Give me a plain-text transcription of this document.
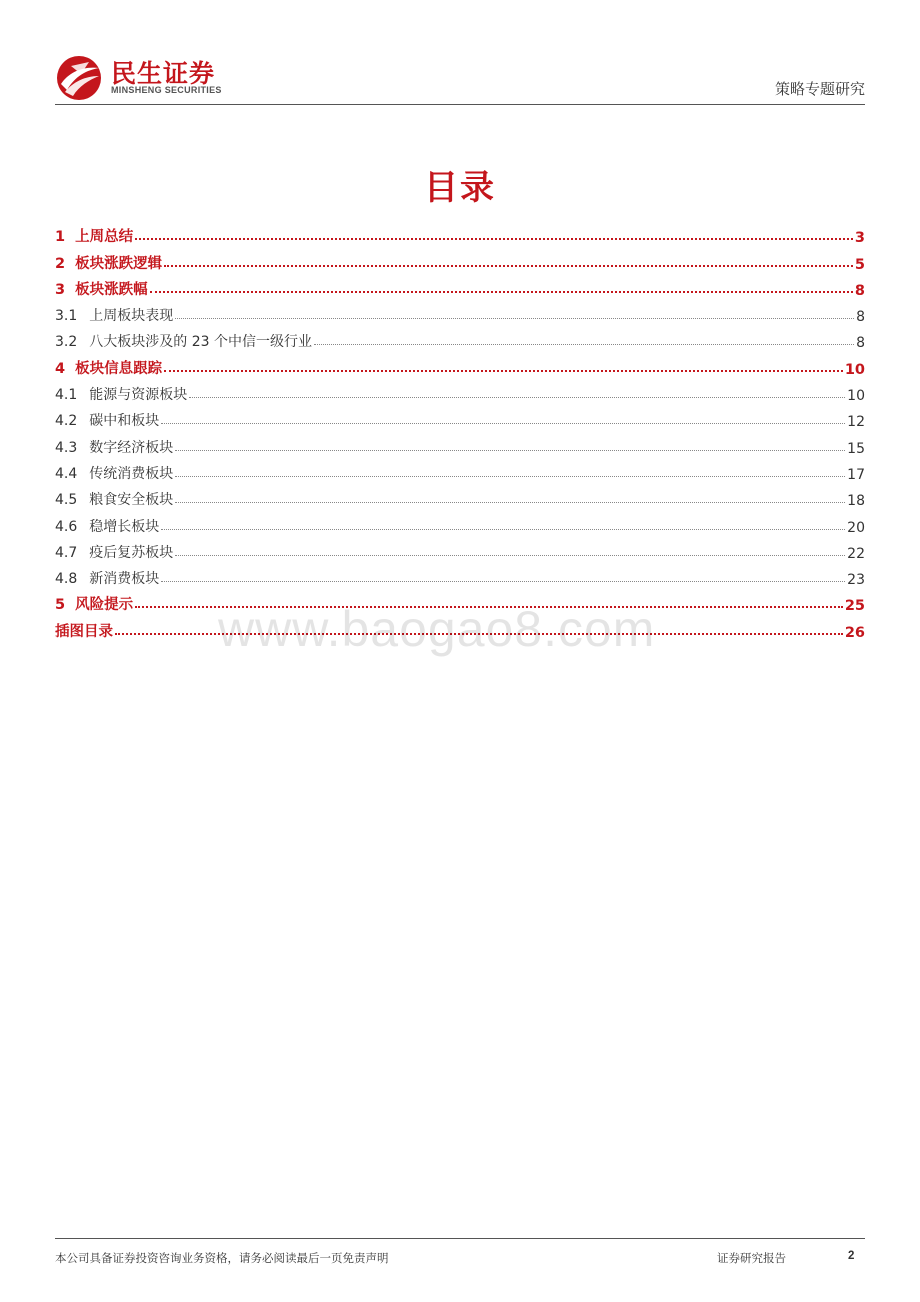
民生证券
MINSHENG SECURITIES	策略专题研究
目录
1 上周总结	3
2 板块涨跌逻辑	5
3 板块涨跌幅	8
3.1 上周板块表现	8
3.2 八大板块涉及的 23 个中信一级行业	8
4 板块信息跟踪	10
4.1 能源与资源板块	10
4.2 碳中和板块	12
4.3 数字经济板块	15
4.4 传统消费板块	17
4.5 粮食安全板块	18
4.6 稳增长板块	20
4.7 疫后复苏板块	22
4.8 新消费板块	23
5 风险提示	25
插图目录	26
www.baogao8.com
本公司具备证券投资咨询业务资格，请务必阅读最后一页免责声明	证券研究报告	2
